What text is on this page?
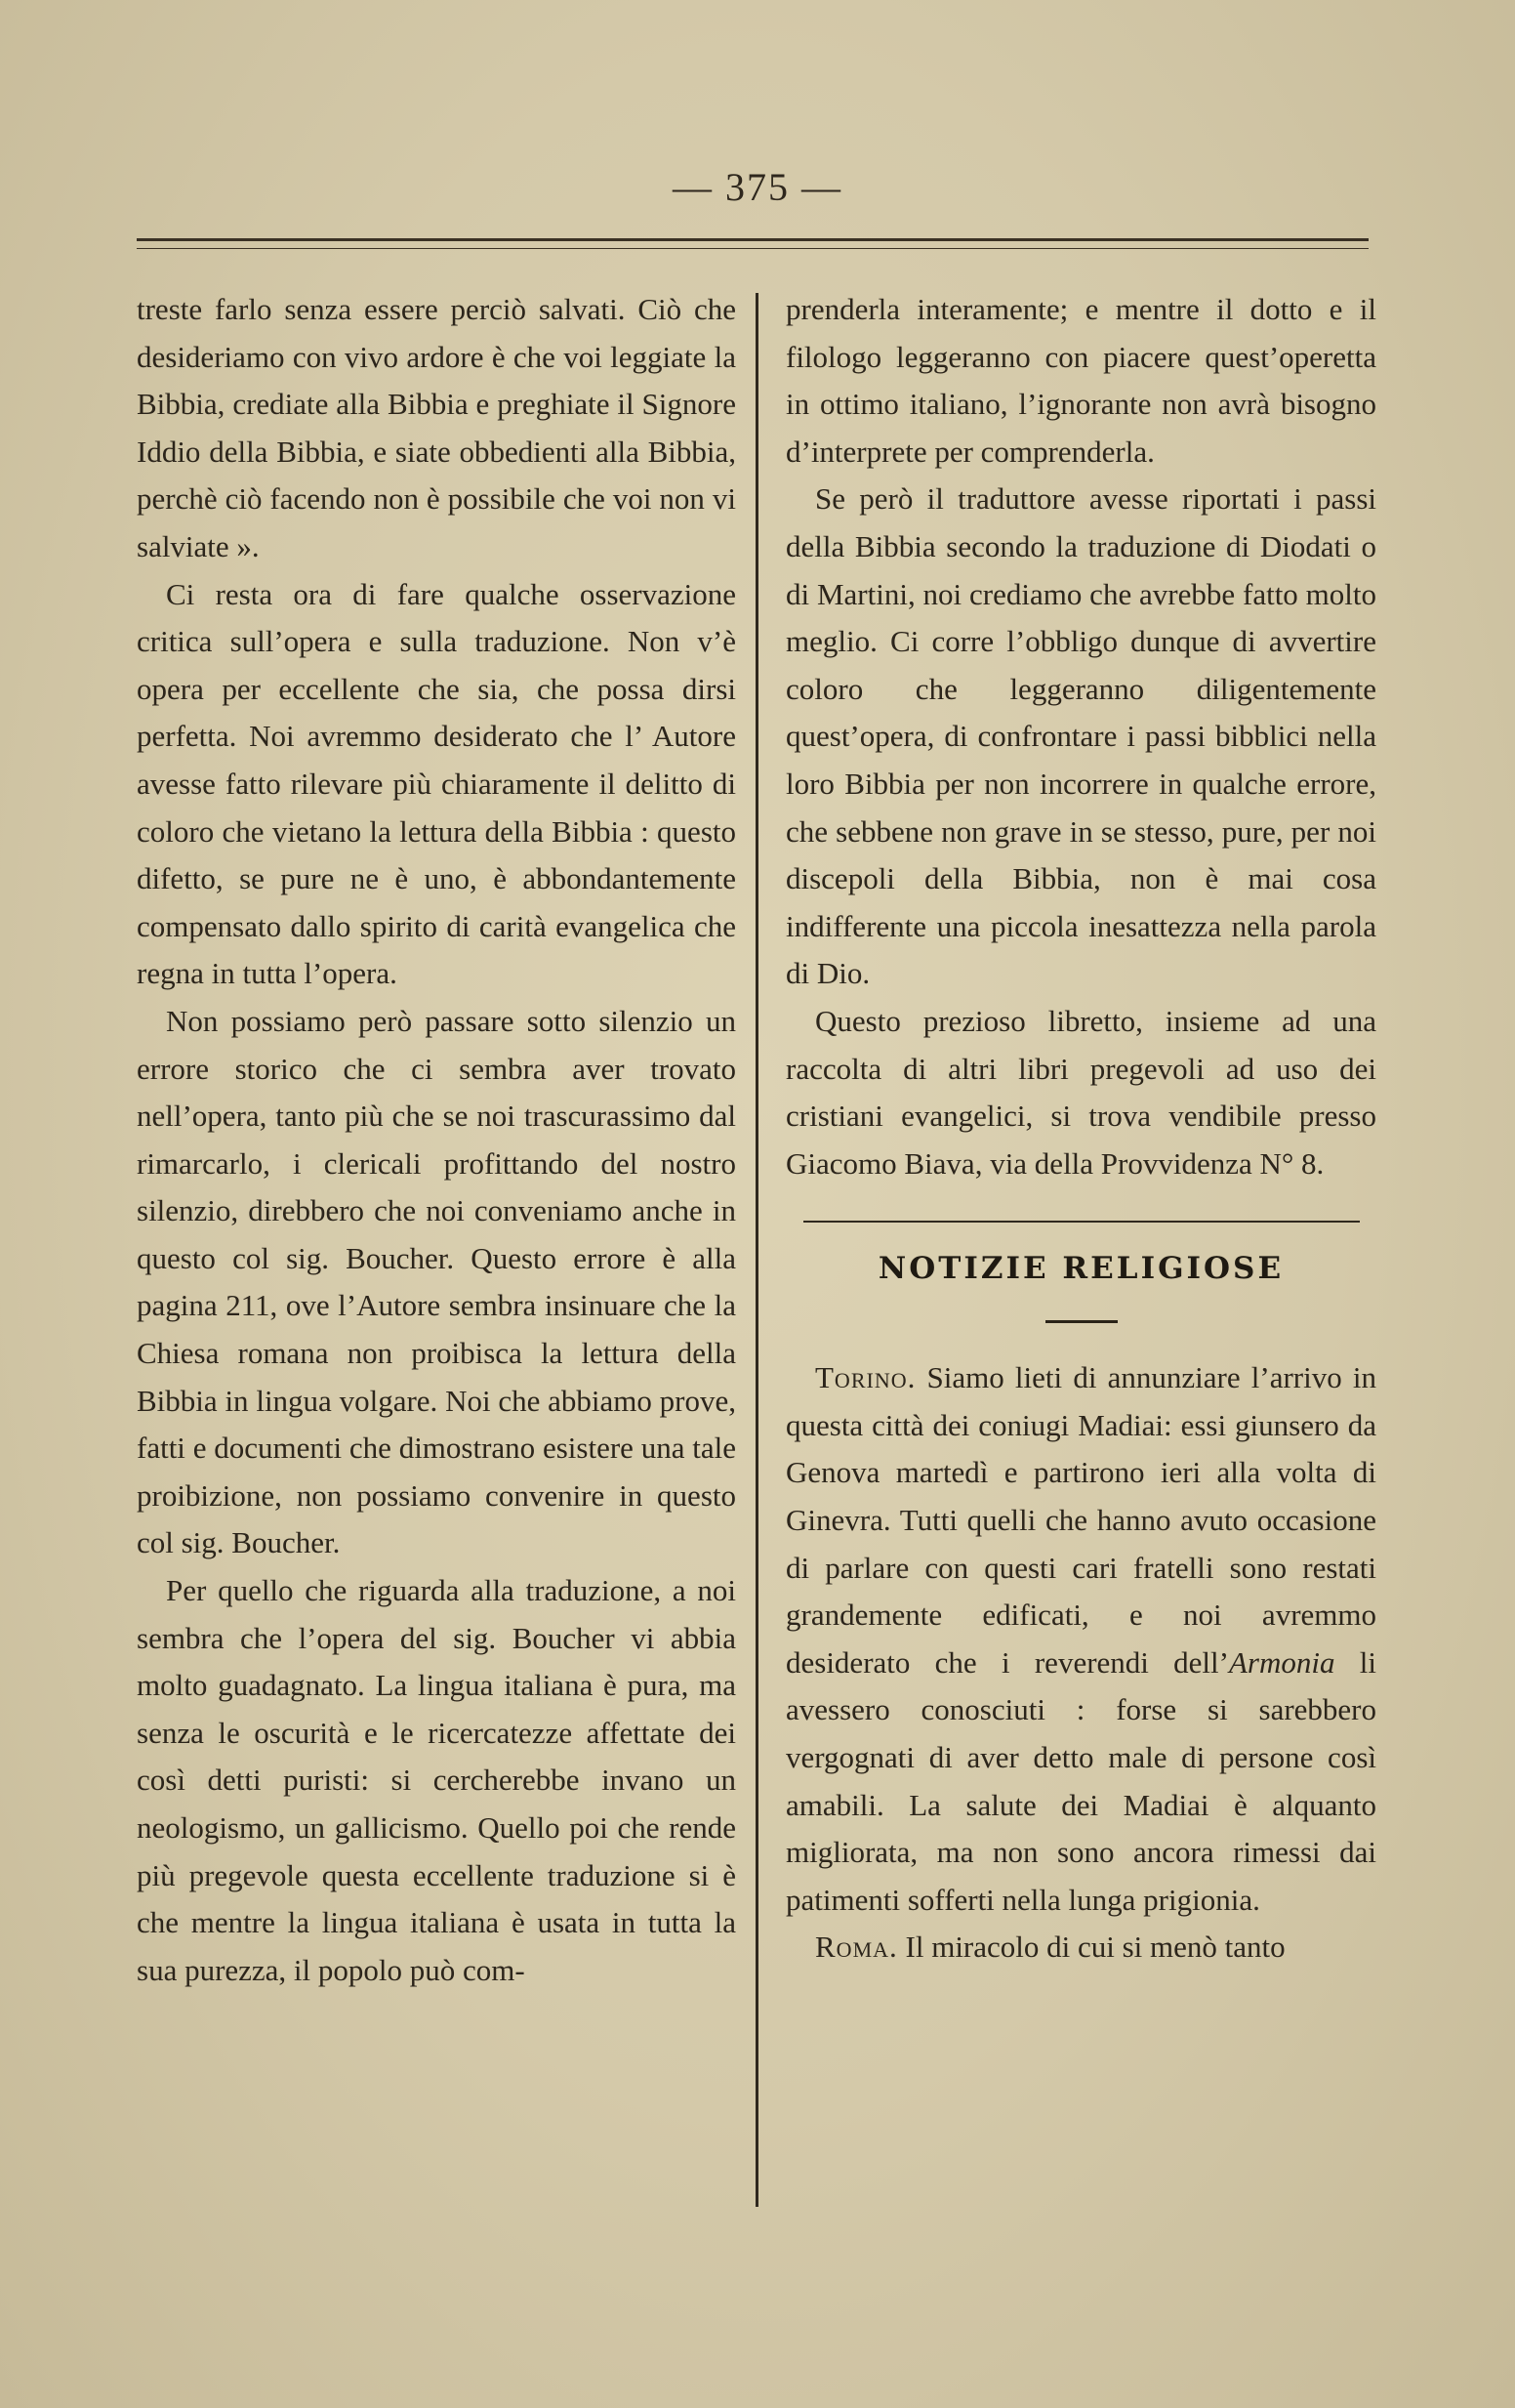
— 375 —

treste farlo senza essere perciò salvati. Ciò che desideriamo con vivo ardore è che voi leggiate la Bibbia, crediate alla Bibbia e preghiate il Signore Iddio della Bibbia, e siate obbedienti alla Bibbia, perchè ciò facendo non è possibile che voi non vi salviate ».

Ci resta ora di fare qualche osservazione critica sull’opera e sulla traduzione. Non v’è opera per eccellente che sia, che possa dirsi perfetta. Noi avremmo desiderato che l’ Autore avesse fatto rilevare più chiaramente il delitto di coloro che vietano la lettura della Bibbia : questo difetto, se pure ne è uno, è abbondantemente compensato dallo spirito di carità evangelica che regna in tutta l’opera.

Non possiamo però passare sotto silenzio un errore storico che ci sembra aver trovato nell’opera, tanto più che se noi trascurassimo dal rimarcarlo, i clericali profittando del nostro silenzio, direbbero che noi conveniamo anche in questo col sig. Boucher. Questo errore è alla pagina 211, ove l’Autore sembra insinuare che la Chiesa romana non proibisca la lettura della Bibbia in lingua volgare. Noi che abbiamo prove, fatti e documenti che dimostrano esistere una tale proibizione, non possiamo convenire in questo col sig. Boucher.

Per quello che riguarda alla traduzione, a noi sembra che l’opera del sig. Boucher vi abbia molto guadagnato. La lingua italiana è pura, ma senza le oscurità e le ricercatezze affettate dei così detti puristi: si cercherebbe invano un neologismo, un gallicismo. Quello poi che rende più pregevole questa eccellente traduzione si è che mentre la lingua italiana è usata in tutta la sua purezza, il popolo può com-

prenderla interamente; e mentre il dotto e il filologo leggeranno con piacere quest’operetta in ottimo italiano, l’ignorante non avrà bisogno d’interprete per comprenderla.

Se però il traduttore avesse riportati i passi della Bibbia secondo la traduzione di Diodati o di Martini, noi crediamo che avrebbe fatto molto meglio. Ci corre l’obbligo dunque di avvertire coloro che leggeranno diligentemente quest’opera, di confrontare i passi bibblici nella loro Bibbia per non incorrere in qualche errore, che sebbene non grave in se stesso, pure, per noi discepoli della Bibbia, non è mai cosa indifferente una piccola inesattezza nella parola di Dio.

Questo prezioso libretto, insieme ad una raccolta di altri libri pregevoli ad uso dei cristiani evangelici, si trova vendibile presso Giacomo Biava, via della Provvidenza N° 8.

NOTIZIE RELIGIOSE

Torino. Siamo lieti di annunziare l’arrivo in questa città dei coniugi Madiai: essi giunsero da Genova martedì e partirono ieri alla volta di Ginevra. Tutti quelli che hanno avuto occasione di parlare con questi cari fratelli sono restati grandemente edificati, e noi avremmo desiderato che i reverendi dell’Armonia li avessero conosciuti : forse si sarebbero vergognati di aver detto male di persone così amabili. La salute dei Madiai è alquanto migliorata, ma non sono ancora rimessi dai patimenti sofferti nella lunga prigionia.

Roma. Il miracolo di cui si menò tanto
